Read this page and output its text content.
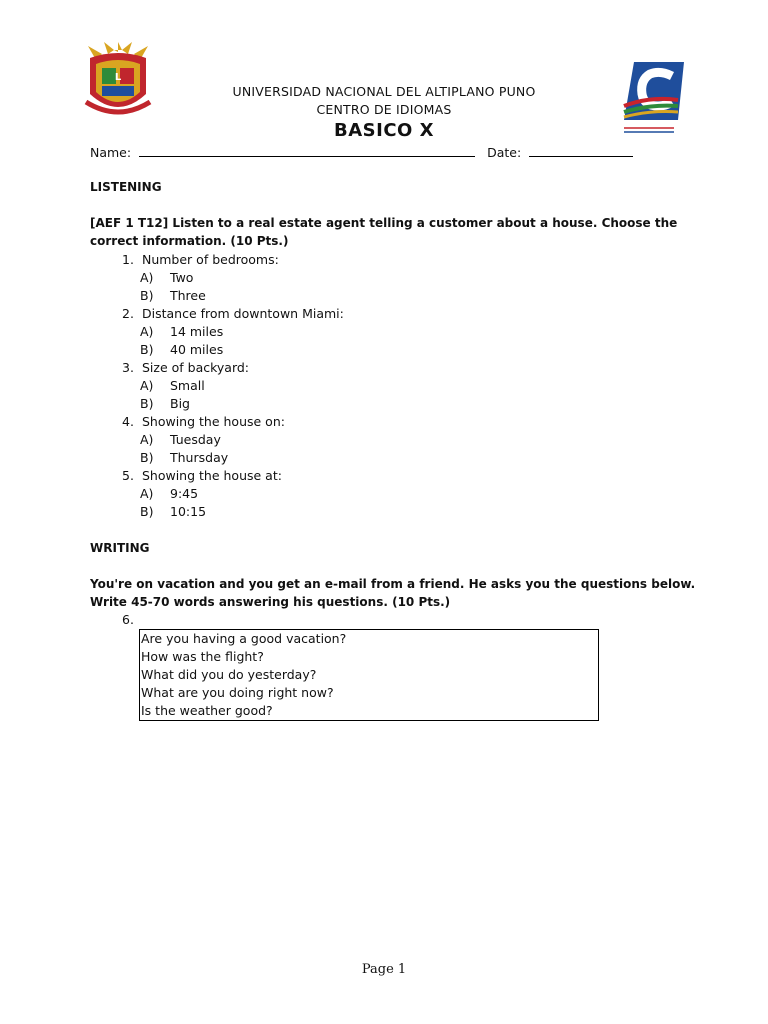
L
UNIVERSIDAD NACIONAL DEL ALTIPLANO PUNO
CENTRO DE IDIOMAS
BASICO X
Name:	Date:
LISTENING
[AEF 1 T12] Listen to a real estate agent telling a customer about a house. Choose the
correct information. (10 Pts.)
1. Number of bedrooms:
A) Two
B) Three
2. Distance from downtown Miami:
A) 14 miles
B) 40 miles
3. Size of backyard:
A) Small
B) Big
4. Showing the house on:
A) Tuesday
B) Thursday
5. Showing the house at:
A) 9:45
B) 10:15
WRITING
You're on vacation and you get an e-mail from a friend. He asks you the questions below.
Write 45-70 words answering his questions. (10 Pts.)
6.
Are you having a good vacation?
How was the flight?
What did you do yesterday?
What are you doing right now?
Is the weather good?
Page 1
